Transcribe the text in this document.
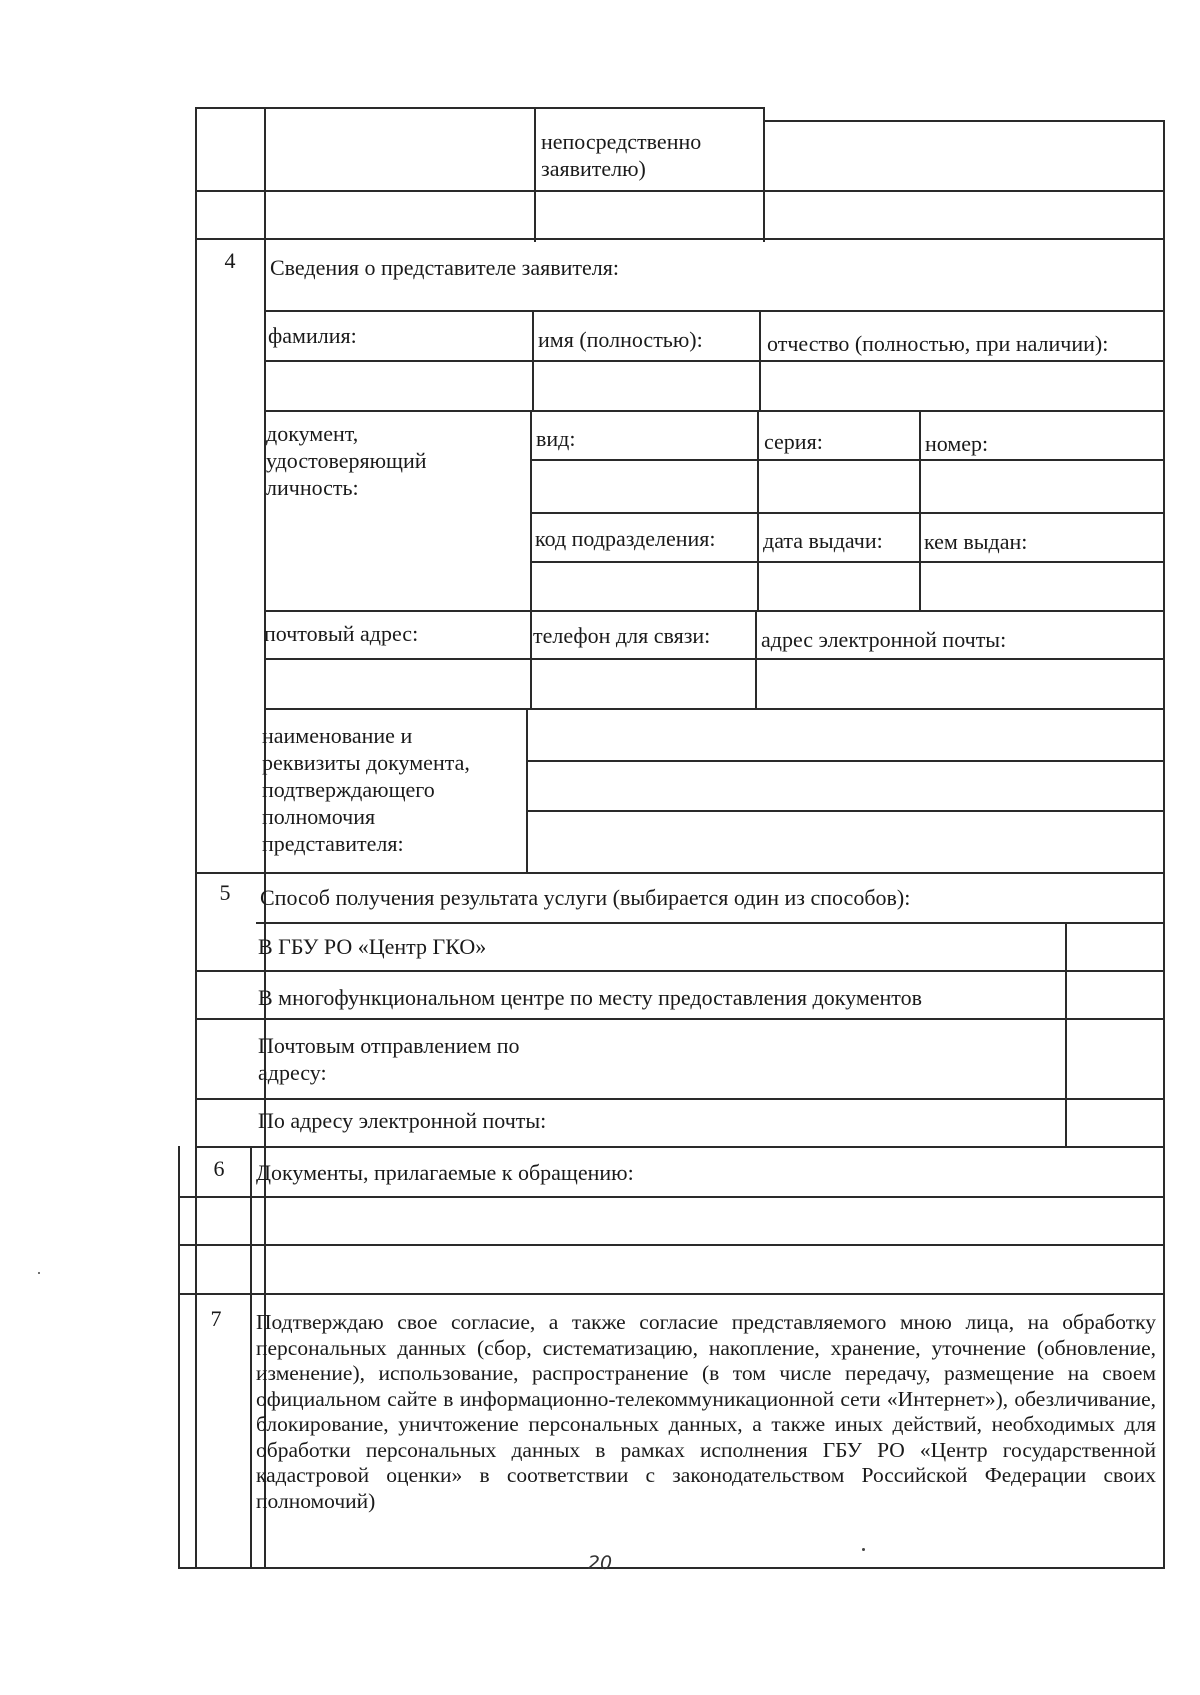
непосредственно заявителю)
4	Сведения о представителе заявителя:
фамилия:	имя (полностью):	отчество (полностью, при наличии):
документ, удостоверяющий личность:
вид:	серия:	номер:
код подразделения: дата выдачи: кем выдан:
почтовый адрес:	телефон для связи: адрес электронной почты:
наименование и реквизиты документа, подтверждающего полномочия представителя:
5	Способ получения результата услуги (выбирается один из способов):
В ГБУ РО «Центр ГКО»
В многофункциональном центре по месту предоставления документов
Почтовым отправлением по адресу:
По адресу электронной почты:
6	Документы, прилагаемые к обращению:
7	Подтверждаю свое согласие, а также согласие представляемого мною лица, на обработку персональных данных (сбор, систематизацию, накопление, хранение, уточнение (обновление, изменение), использование, распространение (в том числе передачу, размещение на своем официальном сайте в информационно-телекоммуникационной сети «Интернет»), обезличивание, блокирование, уничтожение персональных данных, а также иных действий, необходимых для обработки персональных данных в рамках исполнения ГБУ РО «Центр государственной кадастровой оценки» в соответствии с законодательством Российской Федерации своих полномочий)
20
